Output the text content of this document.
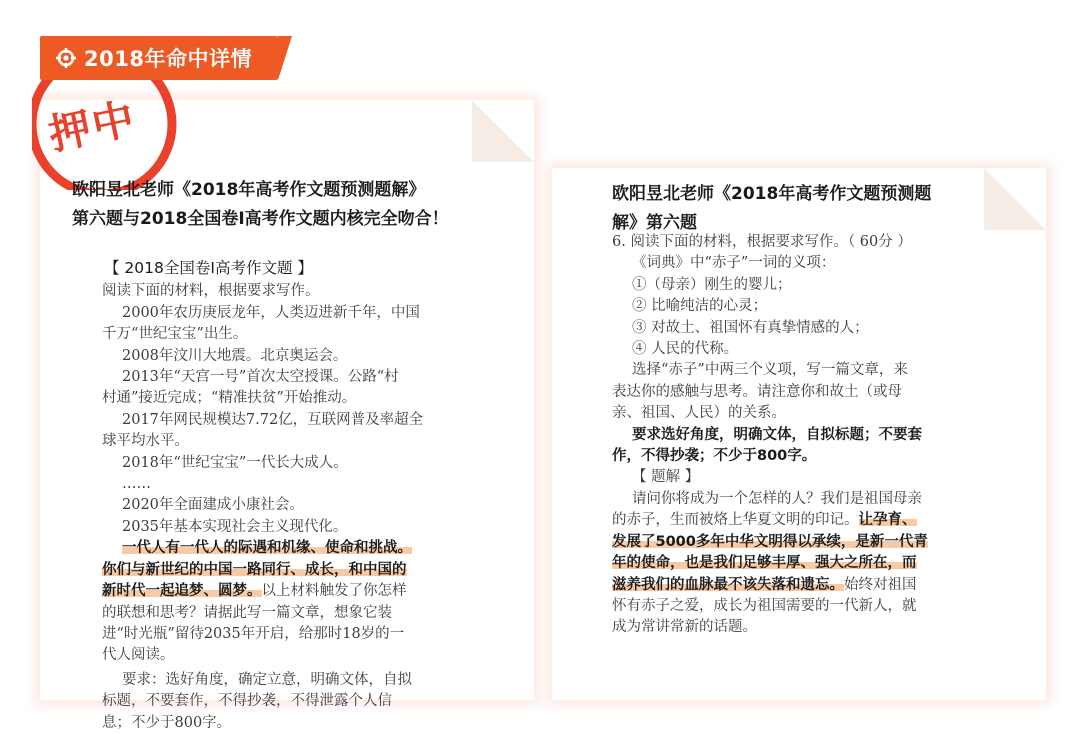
2018年命中详情
押中
欧阳昱北老师《2018年高考作文题预测题解》
第六题与2018全国卷I高考作文题内核完全吻合！
【 2018全国卷I高考作文题 】
阅读下面的材料，根据要求写作。
2000年农历庚辰龙年，人类迈进新千年，中国
千万“世纪宝宝”出生。
2008年汶川大地震。北京奥运会。
2013年“天宫一号”首次太空授课。公路“村
村通”接近完成；“精准扶贫”开始推动。
2017年网民规模达7.72亿，互联网普及率超全
球平均水平。
2018年“世纪宝宝”一代长大成人。
……
2020年全面建成小康社会。
2035年基本实现社会主义现代化。
一代人有一代人的际遇和机缘、使命和挑战。
你们与新世纪的中国一路同行、成长，和中国的
新时代一起追梦、圆梦。以上材料触发了你怎样
的联想和思考？请据此写一篇文章，想象它装
进“时光瓶”留待2035年开启，给那时18岁的一
代人阅读。
要求：选好角度，确定立意，明确文体，自拟
标题，不要套作，不得抄袭，不得泄露个人信
息；不少于800字。
欧阳昱北老师《2018年高考作文题预测题
解》第六题
6. 阅读下面的材料，根据要求写作。（ 60分 ）
《词典》中“赤子”一词的义项：
①（母亲）刚生的婴儿；
② 比喻纯洁的心灵；
③ 对故土、祖国怀有真挚情感的人；
④ 人民的代称。
选择“赤子”中两三个义项，写一篇文章，来
表达你的感触与思考。请注意你和故土（或母
亲、祖国、人民）的关系。
要求选好角度，明确文体，自拟标题；不要套
作，不得抄袭；不少于800字。
【 题解 】
请问你将成为一个怎样的人？我们是祖国母亲
的赤子，生而被烙上华夏文明的印记。让孕育、
发展了5000多年中华文明得以承续，是新一代青
年的使命，也是我们足够丰厚、强大之所在，而
滋养我们的血脉最不该失落和遗忘。始终对祖国
怀有赤子之爱，成长为祖国需要的一代新人，就
成为常讲常新的话题。
